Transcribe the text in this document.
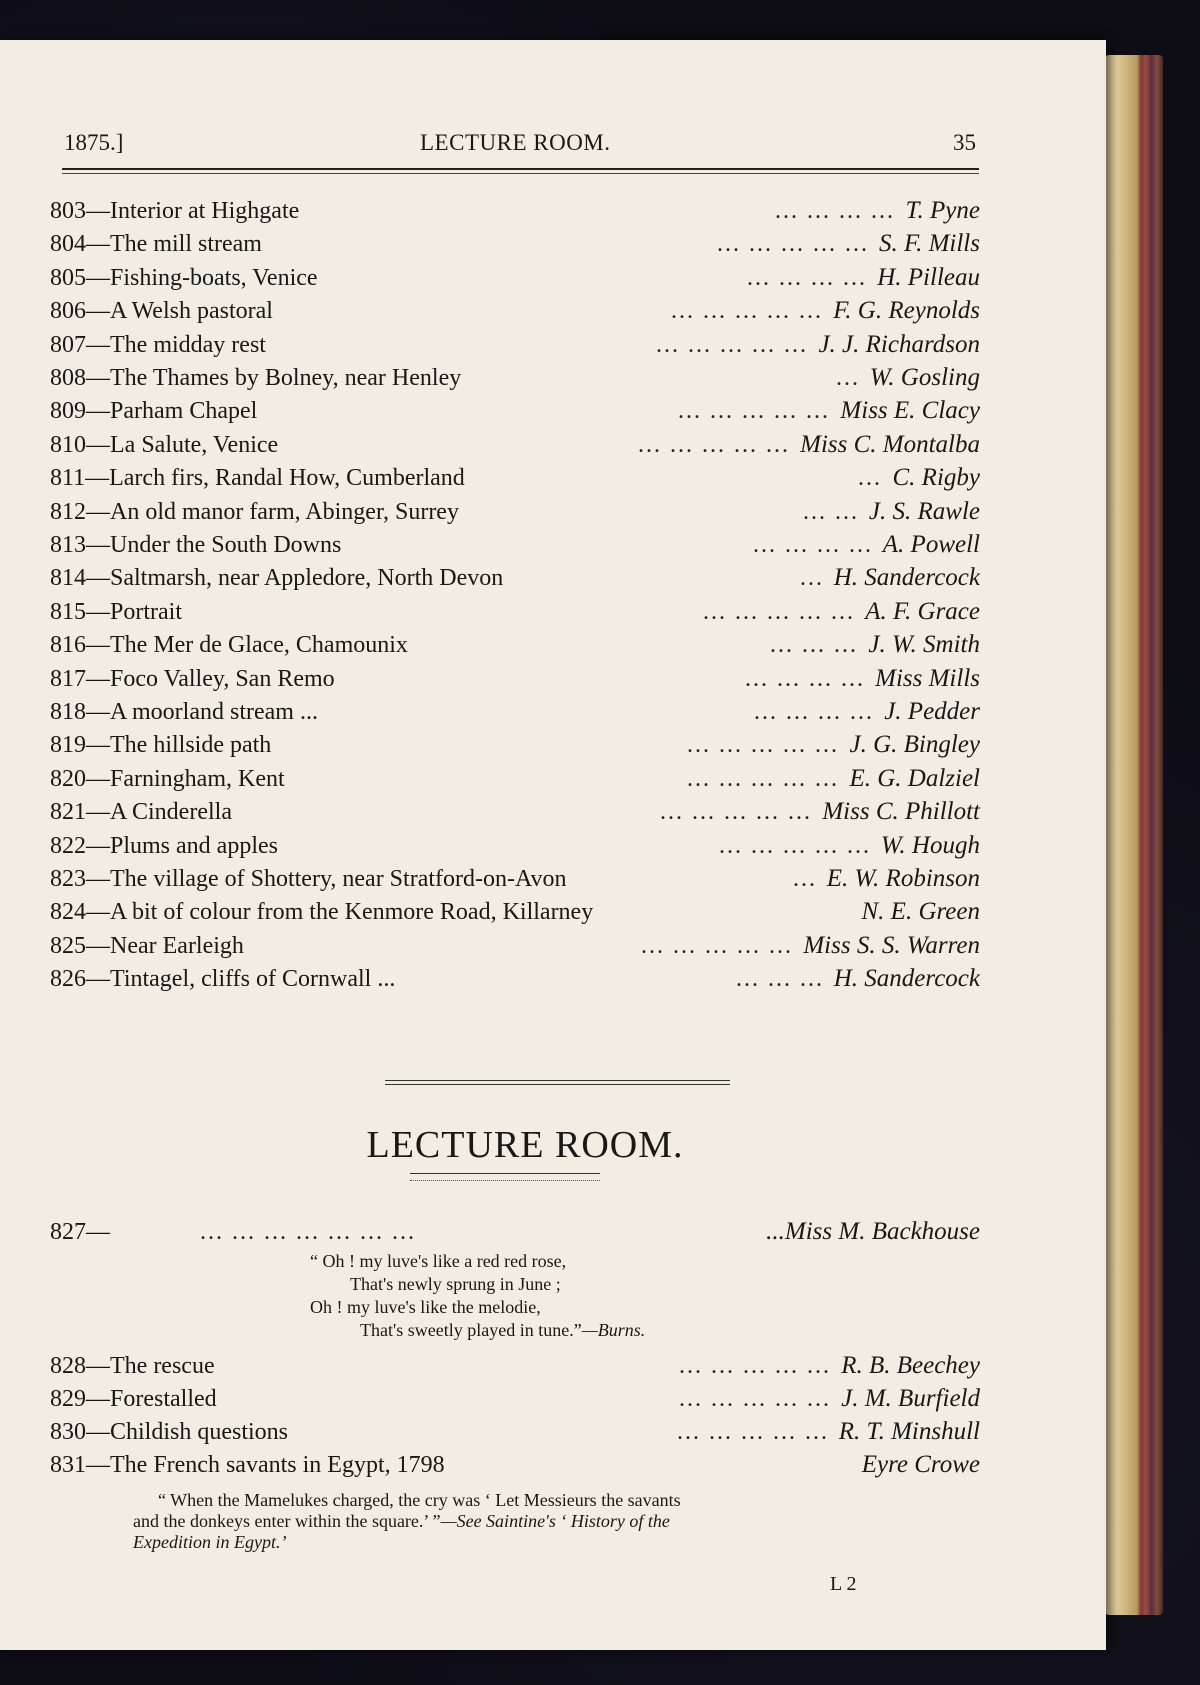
1875.]	LECTURE ROOM.	35
803—Interior at Highgate	... ... ... ... T. Pyne
804—The mill stream	... ... ... ... ... S. F. Mills
805—Fishing-boats, Venice	... ... ... ... H. Pilleau
806—A Welsh pastoral	... ... ... ... ... F. G. Reynolds
807—The midday rest	... ... ... ... ... J. J. Richardson
808—The Thames by Bolney, near Henley	... W. Gosling
809—Parham Chapel	... ... ... ... ... Miss E. Clacy
810—La Salute, Venice	... ... ... ... ... Miss C. Montalba
811—Larch firs, Randal How, Cumberland	... C. Rigby
812—An old manor farm, Abinger, Surrey	... ... J. S. Rawle
813—Under the South Downs	... ... ... ... A. Powell
814—Saltmarsh, near Appledore, North Devon	... H. Sandercock
815—Portrait	... ... ... ... ... A. F. Grace
816—The Mer de Glace, Chamounix	... ... ... J. W. Smith
817—Foco Valley, San Remo	... ... ... ... Miss Mills
818—A moorland stream ...	... ... ... ... J. Pedder
819—The hillside path	... ... ... ... ... J. G. Bingley
820—Farningham, Kent	... ... ... ... ... E. G. Dalziel
821—A Cinderella	... ... ... ... ... Miss C. Phillott
822—Plums and apples	... ... ... ... ... W. Hough
823—The village of Shottery, near Stratford-on-Avon	... E. W. Robinson
824—A bit of colour from the Kenmore Road, Killarney	N. E. Green
825—Near Earleigh	... ... ... ... ... Miss S. S. Warren
826—Tintagel, cliffs of Cornwall ...	... ... ... H. Sandercock
LECTURE ROOM.
827—	... ... ... ... ... ... ...	...Miss M. Backhouse
“ Oh ! my luve's like a red red rose,
That's newly sprung in June ;
Oh ! my luve's like the melodie,
That's sweetly played in tune.”—Burns.
828—The rescue	... ... ... ... ... R. B. Beechey
829—Forestalled	... ... ... ... ... J. M. Burfield
830—Childish questions	... ... ... ... ... R. T. Minshull
831—The French savants in Egypt, 1798	Eyre Crowe
“ When the Mamelukes charged, the cry was ‘ Let Messieurs the savants
and the donkeys enter within the square.’ ”—See Saintine's ‘ History of the
Expedition in Egypt.’
L 2
